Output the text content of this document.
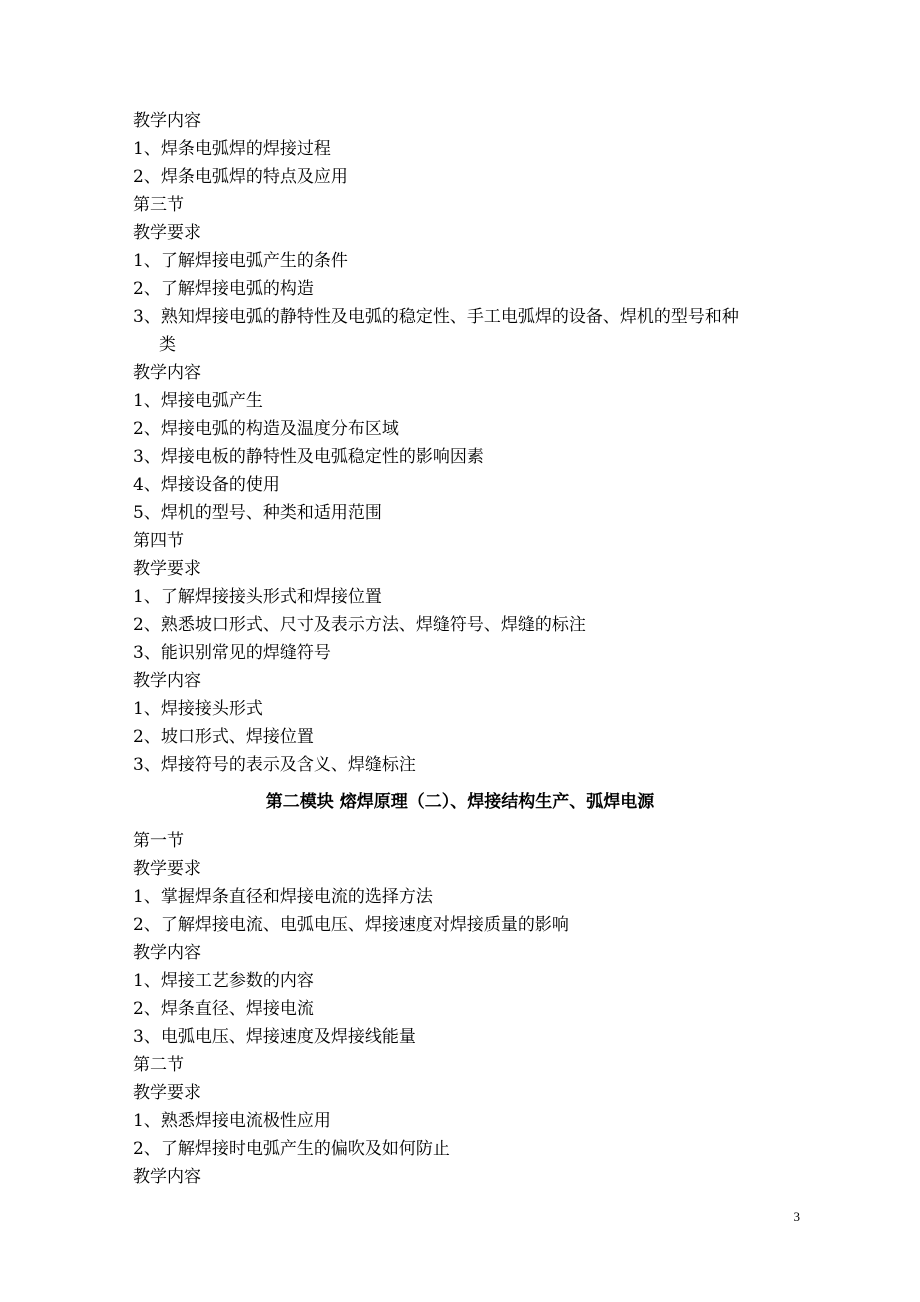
教学内容
1、焊条电弧焊的焊接过程
2、焊条电弧焊的特点及应用
第三节
教学要求
1、了解焊接电弧产生的条件
2、了解焊接电弧的构造
3、熟知焊接电弧的静特性及电弧的稳定性、手工电弧焊的设备、焊机的型号和种
类
教学内容
1、焊接电弧产生
2、焊接电弧的构造及温度分布区域
3、焊接电板的静特性及电弧稳定性的影响因素
4、焊接设备的使用
5、焊机的型号、种类和适用范围
第四节
教学要求
1、了解焊接接头形式和焊接位置
2、熟悉坡口形式、尺寸及表示方法、焊缝符号、焊缝的标注
3、能识别常见的焊缝符号
教学内容
1、焊接接头形式
2、坡口形式、焊接位置
3、焊接符号的表示及含义、焊缝标注
第二模块 熔焊原理（二）、焊接结构生产、弧焊电源
第一节
教学要求
1、掌握焊条直径和焊接电流的选择方法
2、了解焊接电流、电弧电压、焊接速度对焊接质量的影响
教学内容
1、焊接工艺参数的内容
2、焊条直径、焊接电流
3、电弧电压、焊接速度及焊接线能量
第二节
教学要求
1、熟悉焊接电流极性应用
2、了解焊接时电弧产生的偏吹及如何防止
教学内容
3
